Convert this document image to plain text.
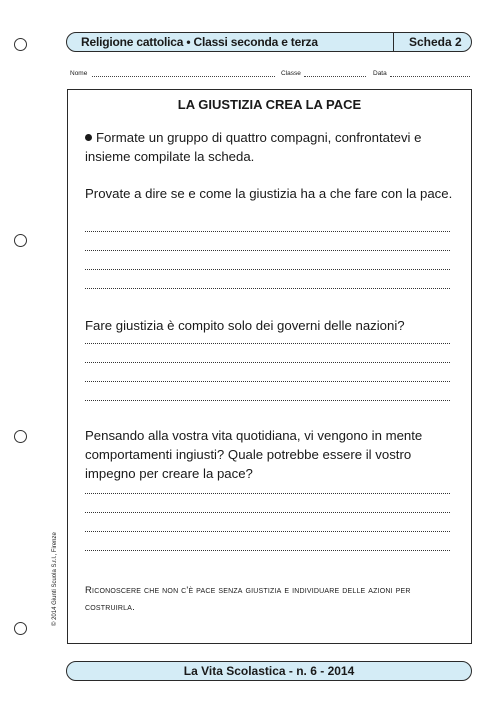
Religione cattolica • Classi seconda e terza	Scheda 2
Nome	Classe	Data
LA GIUSTIZIA CREA LA PACE
Formate un gruppo di quattro compagni, confrontatevi e insieme compilate la scheda.
Provate a dire se e come la giustizia ha a che fare con la pace.
Fare giustizia è compito solo dei governi delle nazioni?
Pensando alla vostra vita quotidiana, vi vengono in mente comportamenti ingiusti? Quale potrebbe essere il vostro impegno per creare la pace?
Riconoscere che non c'è pace senza giustizia e individuare delle azioni per costruirla.
© 2014 Giunti Scuola S.r.l., Firenze
La Vita Scolastica - n. 6 - 2014
